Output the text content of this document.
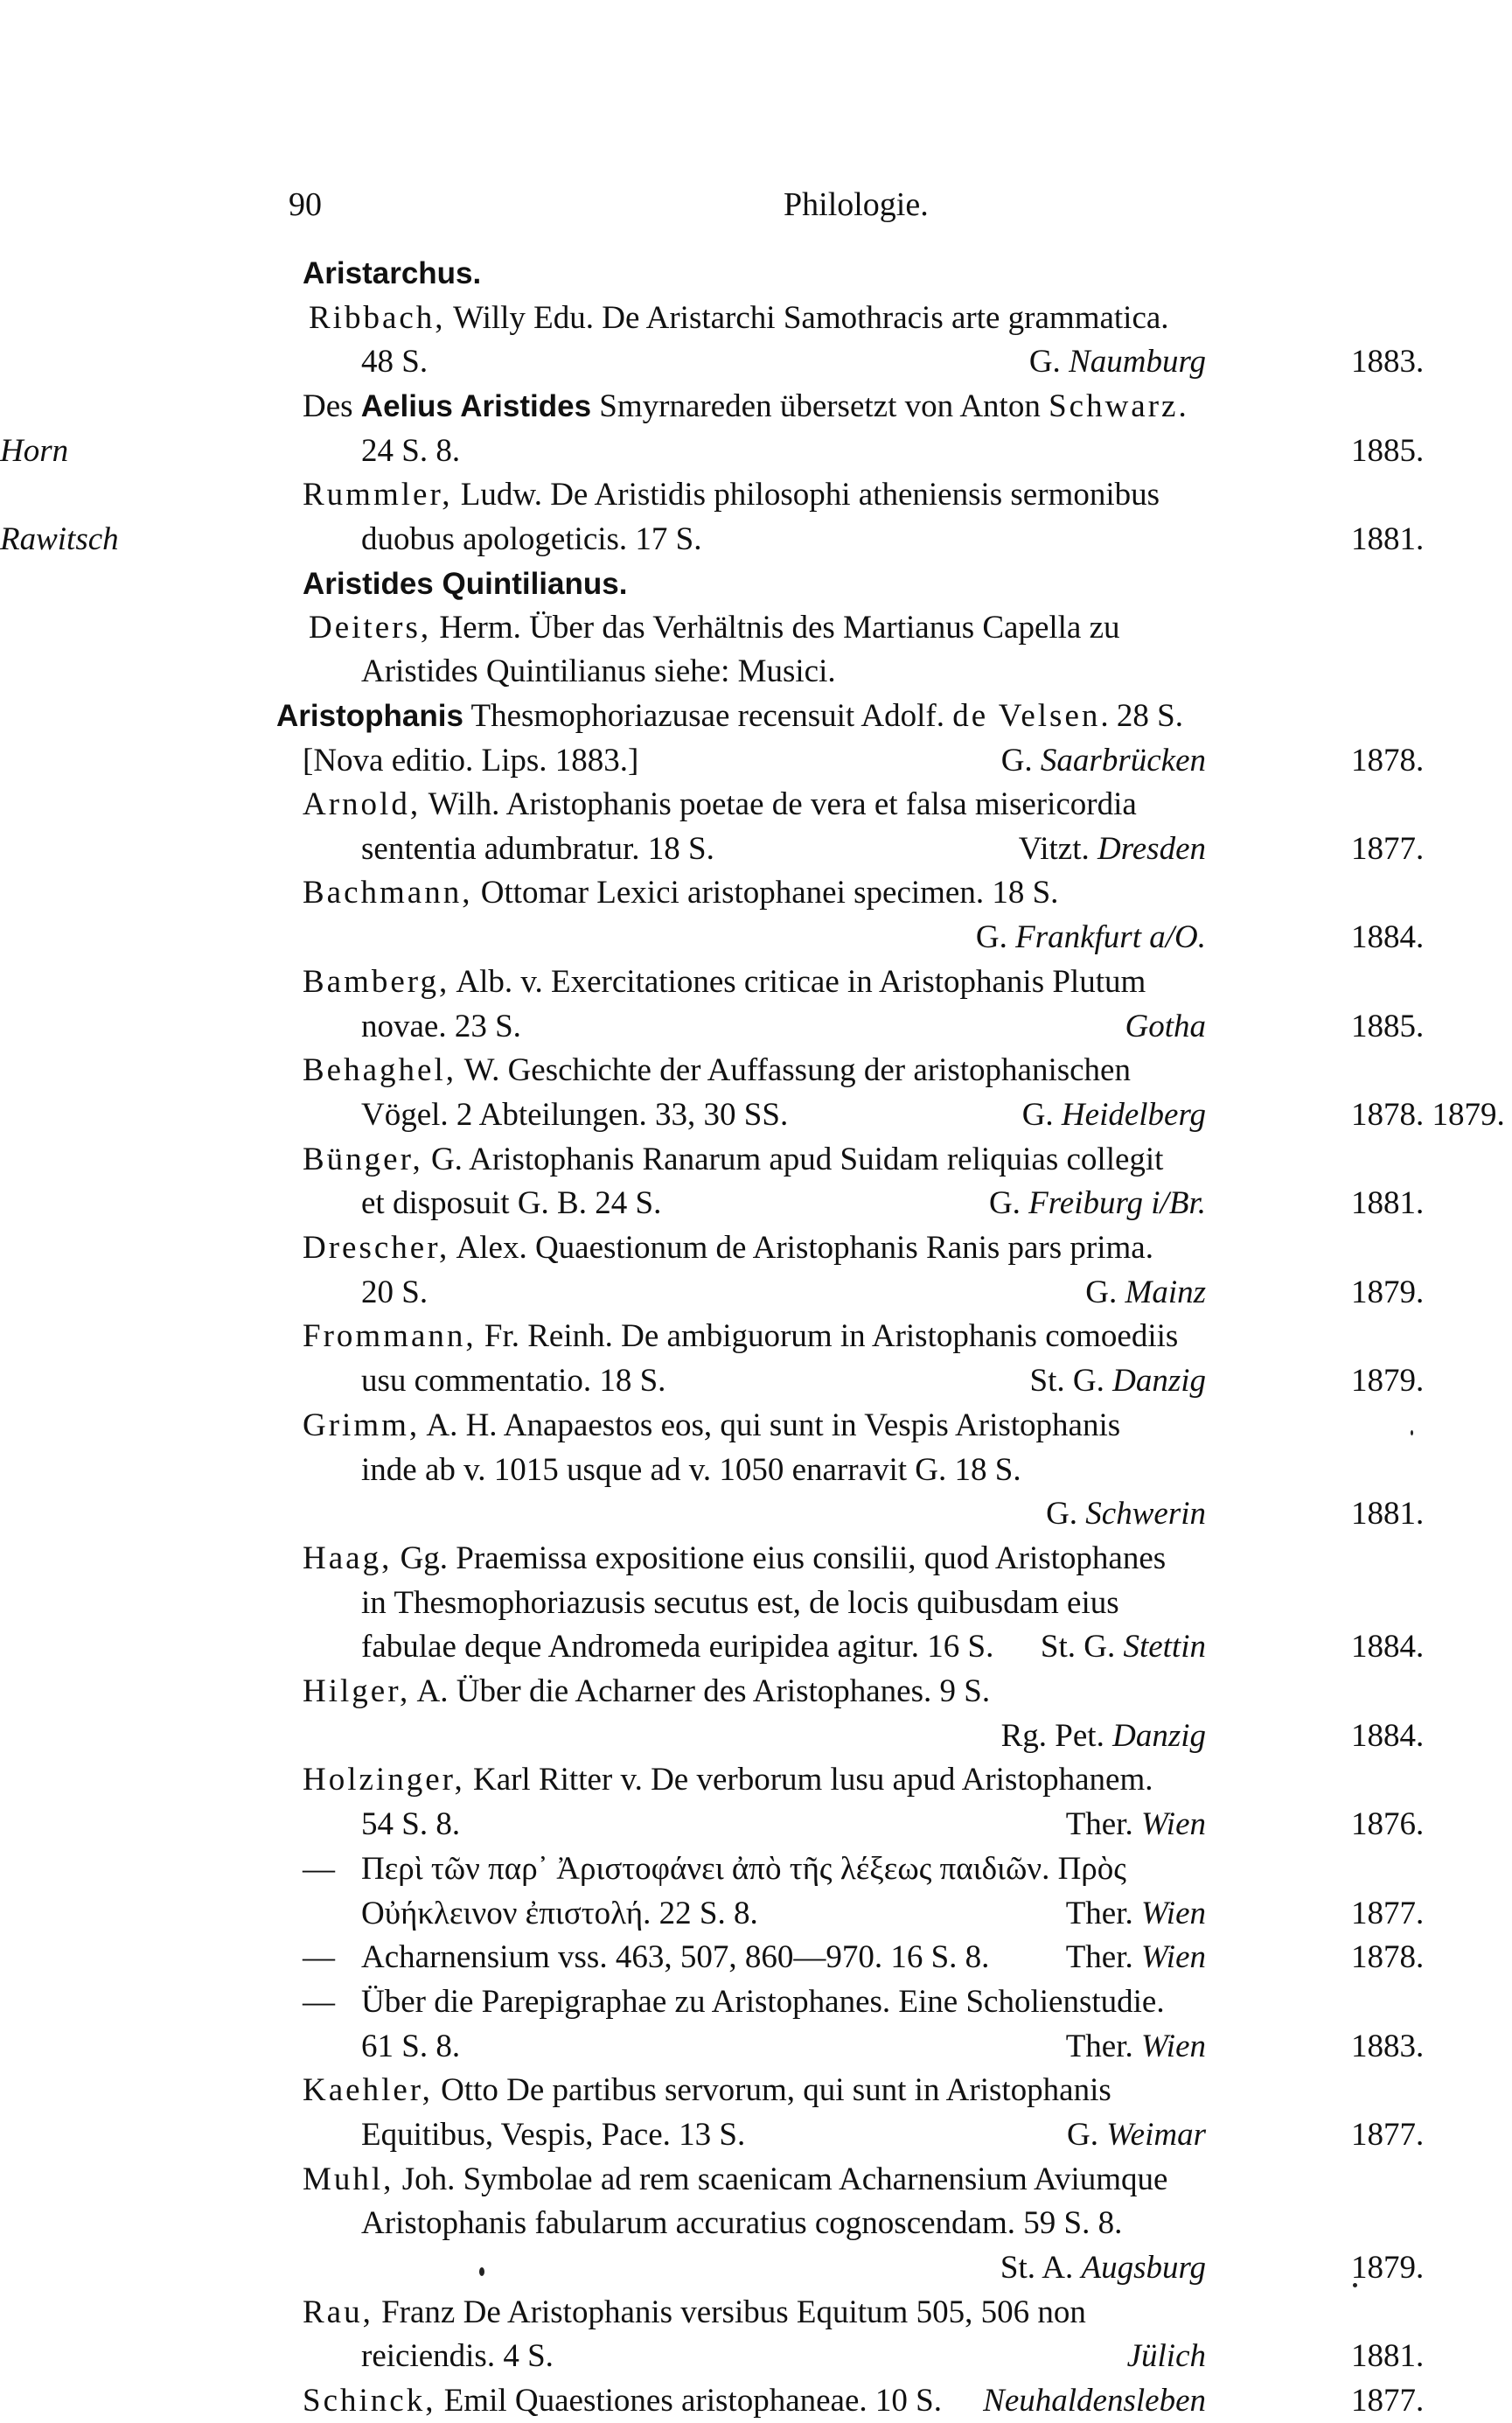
90	Philologie.
Aristarchus.
Ribbach, Willy Edu. De Aristarchi Samothracis arte grammatica.
48 S.	G. Naumburg	1883.
Des Aelius Aristides Smyrnareden übersetzt von Anton Schwarz.
24 S. 8.
Horn	1885.
Rummler, Ludw. De Aristidis philosophi atheniensis sermonibus
duobus apologeticis. 17 S.
Rawitsch	1881.
Aristides Quintilianus.
Deiters, Herm. Über das Verhältnis des Martianus Capella zu
Aristides Quintilianus siehe: Musici.
Aristophanis Thesmophoriazusae recensuit Adolf. de Velsen. 28 S.
[Nova editio. Lips. 1883.]	G. Saarbrücken	1878.
Arnold, Wilh. Aristophanis poetae de vera et falsa misericordia
sententia adumbratur. 18 S.	Vitzt. Dresden	1877.
Bachmann, Ottomar Lexici aristophanei specimen. 18 S.
G. Frankfurt a/O.	1884.
Bamberg, Alb. v. Exercitationes criticae in Aristophanis Plutum
novae. 23 S.	Gotha	1885.
Behaghel, W. Geschichte der Auffassung der aristophanischen
Vögel. 2 Abteilungen. 33, 30 SS.	G. Heidelberg	1878. 1879.
Bünger, G. Aristophanis Ranarum apud Suidam reliquias collegit
et disposuit G. B. 24 S.	G. Freiburg i/Br.	1881.
Drescher, Alex. Quaestionum de Aristophanis Ranis pars prima.
20 S.	G. Mainz	1879.
Frommann, Fr. Reinh. De ambiguorum in Aristophanis comoediis
usu commentatio. 18 S.	St. G. Danzig	1879.
Grimm, A. H. Anapaestos eos, qui sunt in Vespis Aristophanis
inde ab v. 1015 usque ad v. 1050 enarravit G. 18 S.
G. Schwerin	1881.
Haag, Gg. Praemissa expositione eius consilii, quod Aristophanes
in Thesmophoriazusis secutus est, de locis quibusdam eius
fabulae deque Andromeda euripidea agitur. 16 S. St. G. Stettin	1884.
Hilger, A. Über die Acharner des Aristophanes. 9 S.
Rg. Pet. Danzig	1884.
Holzinger, Karl Ritter v. De verborum lusu apud Aristophanem.
54 S. 8.	Ther. Wien	1876.
— Περὶ τῶν παρ᾿ Ἀριστοφάνει ἀπὸ τῆς λέξεως παιδιῶν. Πρὸς
Οὐήκλεινον ἐπιστολή. 22 S. 8.	Ther. Wien	1877.
— Acharnensium vss. 463, 507, 860—970. 16 S. 8. Ther. Wien	1878.
— Über die Parepigraphae zu Aristophanes. Eine Scholienstudie.
61 S. 8.	Ther. Wien	1883.
Kaehler, Otto De partibus servorum, qui sunt in Aristophanis
Equitibus, Vespis, Pace. 13 S.	G. Weimar	1877.
Muhl, Joh. Symbolae ad rem scaenicam Acharnensium Aviumque
Aristophanis fabularum accuratius cognoscendam. 59 S. 8.
St. A. Augsburg	1879.
Rau, Franz De Aristophanis versibus Equitum 505, 506 non
reiciendis. 4 S.	Jülich	1881.
Schinck, Emil Quaestiones aristophaneae. 10 S. Neuhaldensleben	1877.
